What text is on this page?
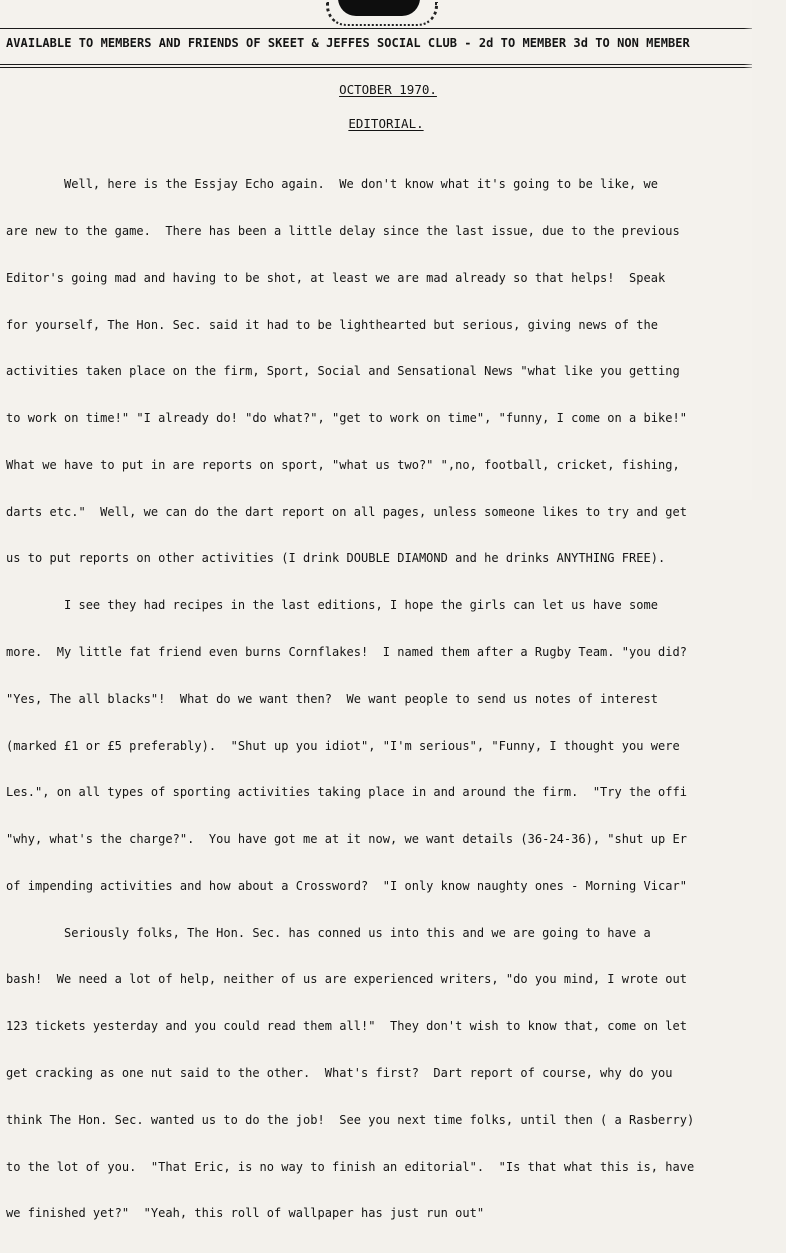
AVAILABLE TO MEMBERS AND FRIENDS OF SKEET & JEFFES SOCIAL CLUB - 2d TO MEMBER 3d TO NON MEMBER
OCTOBER 1970.
EDITORIAL.

Well, here is the Essjay Echo again.  We don't know what it's going to be like, we

are new to the game.  There has been a little delay since the last issue, due to the previous

Editor's going mad and having to be shot, at least we are mad already so that helps!  Speak

for yourself, The Hon. Sec. said it had to be lighthearted but serious, giving news of the

activities taken place on the firm, Sport, Social and Sensational News "what like you getting

to work on time!" "I already do! "do what?", "get to work on time", "funny, I come on a bike!"

What we have to put in are reports on sport, "what us two?" ",no, football, cricket, fishing,

darts etc."  Well, we can do the dart report on all pages, unless someone likes to try and get

us to put reports on other activities (I drink DOUBLE DIAMOND and he drinks ANYTHING FREE).

I see they had recipes in the last editions, I hope the girls can let us have some

more.  My little fat friend even burns Cornflakes!  I named them after a Rugby Team. "you did?

"Yes, The all blacks"!  What do we want then?  We want people to send us notes of interest

(marked £1 or £5 preferably).  "Shut up you idiot", "I'm serious", "Funny, I thought you were

Les.", on all types of sporting activities taking place in and around the firm.  "Try the offi

"why, what's the charge?".  You have got me at it now, we want details (36-24-36), "shut up Er

of impending activities and how about a Crossword?  "I only know naughty ones - Morning Vicar"

Seriously folks, The Hon. Sec. has conned us into this and we are going to have a

bash!  We need a lot of help, neither of us are experienced writers, "do you mind, I wrote out

123 tickets yesterday and you could read them all!"  They don't wish to know that, come on let

get cracking as one nut said to the other.  What's first?  Dart report of course, why do you

think The Hon. Sec. wanted us to do the job!  See you next time folks, until then ( a Rasberry)

to the lot of you.  "That Eric, is no way to finish an editorial".  "Is that what this is, have

we finished yet?"  "Yeah, this roll of wallpaper has just run out"
